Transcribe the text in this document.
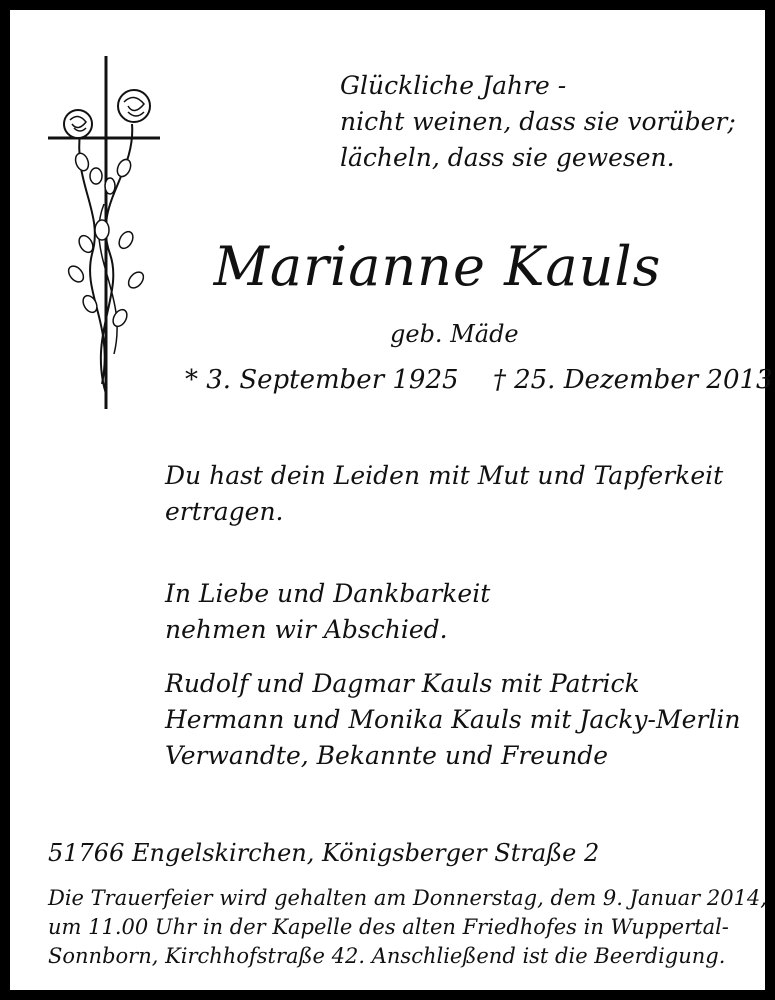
Glückliche Jahre -
nicht weinen, dass sie vorüber;
lächeln, dass sie gewesen.
Marianne Kauls
geb. Mäde
* 3. September 1925 † 25. Dezember 2013
Du hast dein Leiden mit Mut und Tapferkeit
ertragen.
In Liebe und Dankbarkeit
nehmen wir Abschied.
Rudolf und Dagmar Kauls mit Patrick
Hermann und Monika Kauls mit Jacky-Merlin
Verwandte, Bekannte und Freunde
51766 Engelskirchen, Königsberger Straße 2
Die Trauerfeier wird gehalten am Donnerstag, dem 9. Januar 2014,
um 11.00 Uhr in der Kapelle des alten Friedhofes in Wuppertal-
Sonnborn, Kirchhofstraße 42. Anschließend ist die Beerdigung.
